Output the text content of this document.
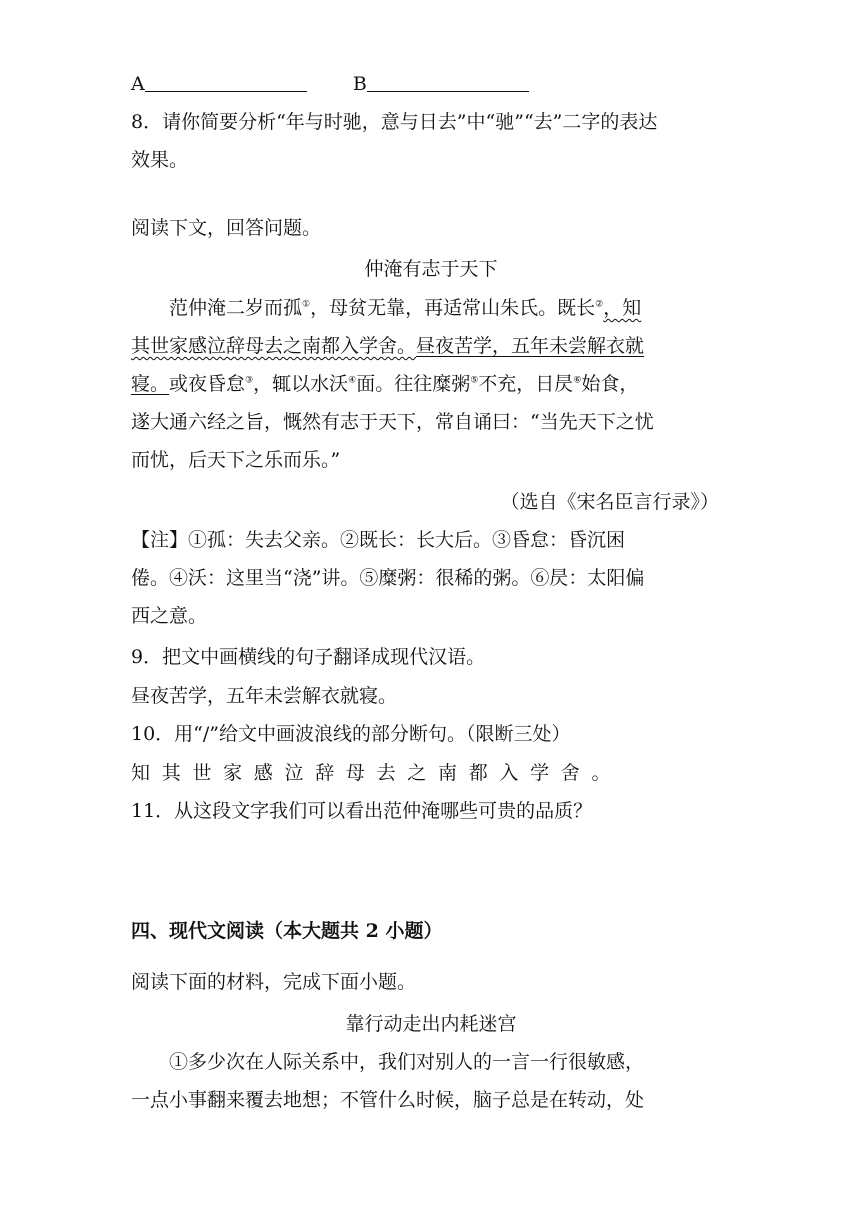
A	B
8．请你简要分析“年与时驰，意与日去”中“驰”“去”二字的表达
效果。
阅读下文，回答问题。
仲淹有志于天下
范仲淹二岁而孤①，母贫无靠，再适常山朱氏。既长②，知
其世家感泣辞母去之南都入学舍。昼夜苦学，五年未尝解衣就
寝。或夜昏怠③，辄以水沃④面。往往糜粥⑤不充，日昃⑥始食，
遂大通六经之旨，慨然有志于天下，常自诵曰：“当先天下之忧
而忧，后天下之乐而乐。”
（选自《宋名臣言行录》）
【注】①孤：失去父亲。②既长：长大后。③昏怠：昏沉困
倦。④沃：这里当“浇”讲。⑤糜粥：很稀的粥。⑥昃：太阳偏
西之意。
9．把文中画横线的句子翻译成现代汉语。
昼夜苦学，五年未尝解衣就寝。
10．用“/”给文中画波浪线的部分断句。（限断三处）
知其世家感泣辞母去之南都入学舍。
11．从这段文字我们可以看出范仲淹哪些可贵的品质？
四、现代文阅读（本大题共 2 小题）
阅读下面的材料，完成下面小题。
靠行动走出内耗迷宫
①多少次在人际关系中，我们对别人的一言一行很敏感，
一点小事翻来覆去地想；不管什么时候，脑子总是在转动，处
